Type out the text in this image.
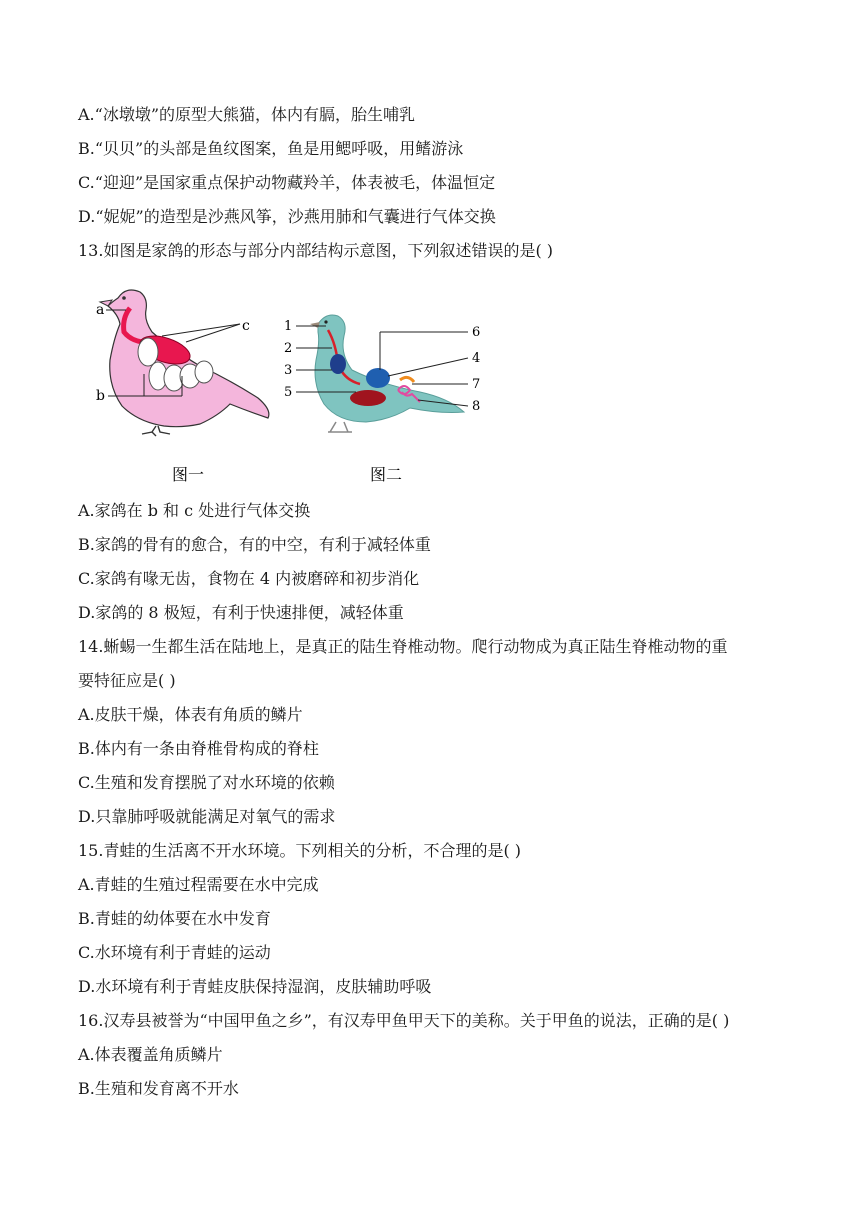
A.“冰墩墩”的原型大熊猫，体内有膈，胎生哺乳
B.“贝贝”的头部是鱼纹图案，鱼是用鳃呼吸，用鳍游泳
C.“迎迎”是国家重点保护动物藏羚羊，体表被毛，体温恒定
D.“妮妮”的造型是沙燕风筝，沙燕用肺和气囊进行气体交换
13.如图是家鸽的形态与部分内部结构示意图，下列叙述错误的是( )
a
b
c
图一
1
2
3
5
6
4
7
8
图二
A.家鸽在 b 和 c 处进行气体交换
B.家鸽的骨有的愈合，有的中空，有利于减轻体重
C.家鸽有喙无齿，食物在 4 内被磨碎和初步消化
D.家鸽的 8 极短，有利于快速排便，减轻体重
14.蜥蜴一生都生活在陆地上，是真正的陆生脊椎动物。爬行动物成为真正陆生脊椎动物的重
要特征应是( )
A.皮肤干燥，体表有角质的鳞片
B.体内有一条由脊椎骨构成的脊柱
C.生殖和发育摆脱了对水环境的依赖
D.只靠肺呼吸就能满足对氧气的需求
15.青蛙的生活离不开水环境。下列相关的分析，不合理的是( )
A.青蛙的生殖过程需要在水中完成
B.青蛙的幼体要在水中发育
C.水环境有利于青蛙的运动
D.水环境有利于青蛙皮肤保持湿润，皮肤辅助呼吸
16.汉寿县被誉为“中国甲鱼之乡”，有汉寿甲鱼甲天下的美称。关于甲鱼的说法，正确的是( )
A.体表覆盖角质鳞片
B.生殖和发育离不开水
